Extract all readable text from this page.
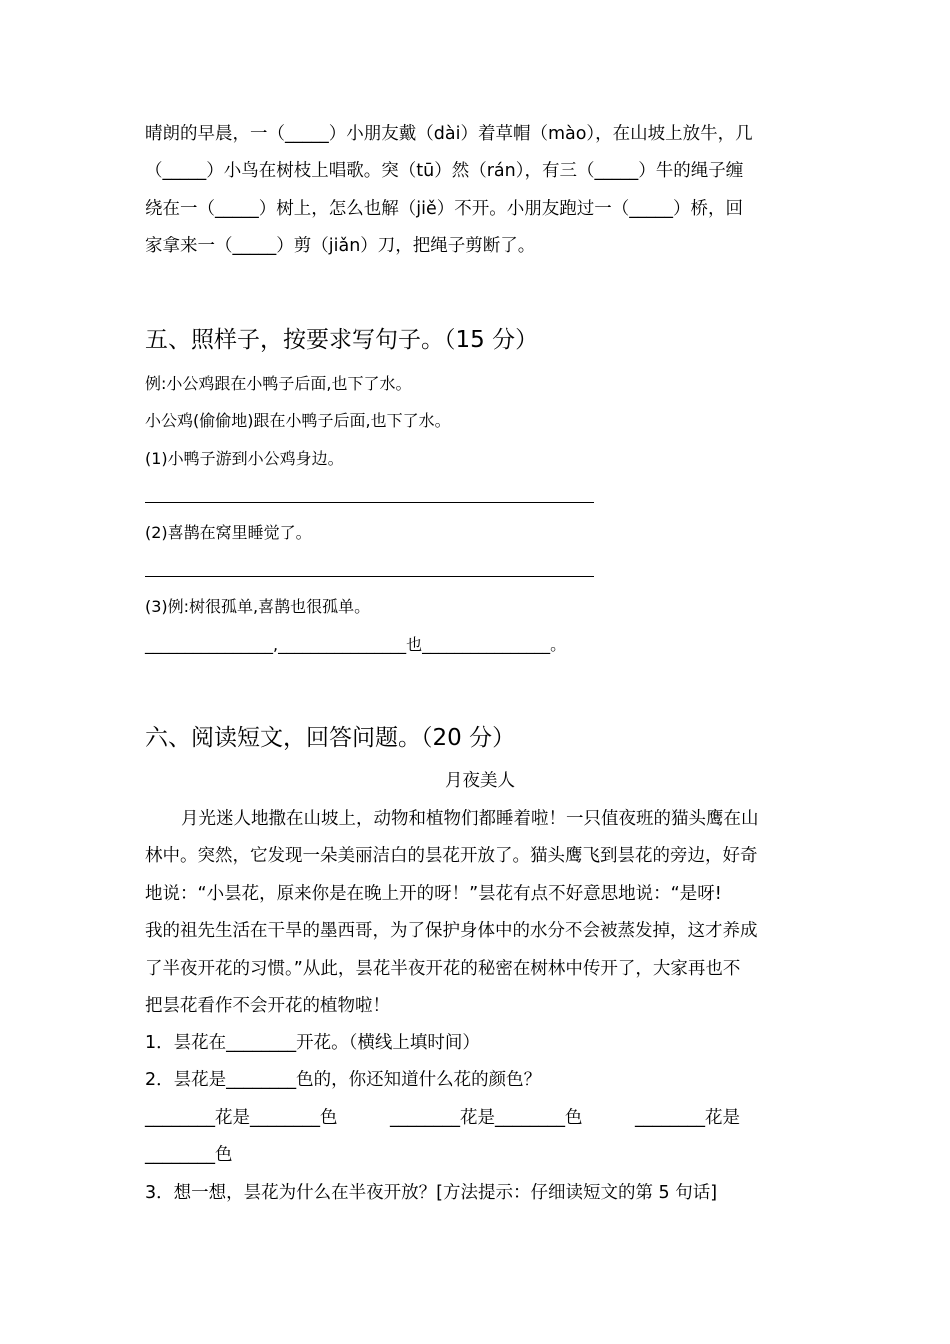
晴朗的早晨，一（_____）小朋友戴（dài）着草帽（mào），在山坡上放牛，几
（_____）小鸟在树枝上唱歌。突（tū）然（rán），有三（_____）牛的绳子缠
绕在一（_____）树上，怎么也解（jiě）不开。小朋友跑过一（_____）桥，回
家拿来一（_____）剪（jiǎn）刀，把绳子剪断了。
五、照样子，按要求写句子。（15 分）
例:小公鸡跟在小鸭子后面,也下了水。
小公鸡(偷偷地)跟在小鸭子后面,也下了水。
(1)小鸭子游到小公鸡身边。
(2)喜鹊在窝里睡觉了。
(3)例:树很孤单,喜鹊也很孤单。
________________,________________也________________。
六、阅读短文，回答问题。（20 分）
月夜美人
月光迷人地撒在山坡上，动物和植物们都睡着啦！一只值夜班的猫头鹰在山
林中。突然，它发现一朵美丽洁白的昙花开放了。猫头鹰飞到昙花的旁边，好奇
地说：“小昙花，原来你是在晚上开的呀！”昙花有点不好意思地说：“是呀!
我的祖先生活在干旱的墨西哥，为了保护身体中的水分不会被蒸发掉，这才养成
了半夜开花的习惯。”从此，昙花半夜开花的秘密在树林中传开了，大家再也不
把昙花看作不会开花的植物啦！
1．昙花在________开花。（横线上填时间）
2．昙花是________色的，你还知道什么花的颜色？
________花是________色　　　________花是________色　　　________花是
________色
3．想一想，昙花为什么在半夜开放？[方法提示：仔细读短文的第 5 句话]
